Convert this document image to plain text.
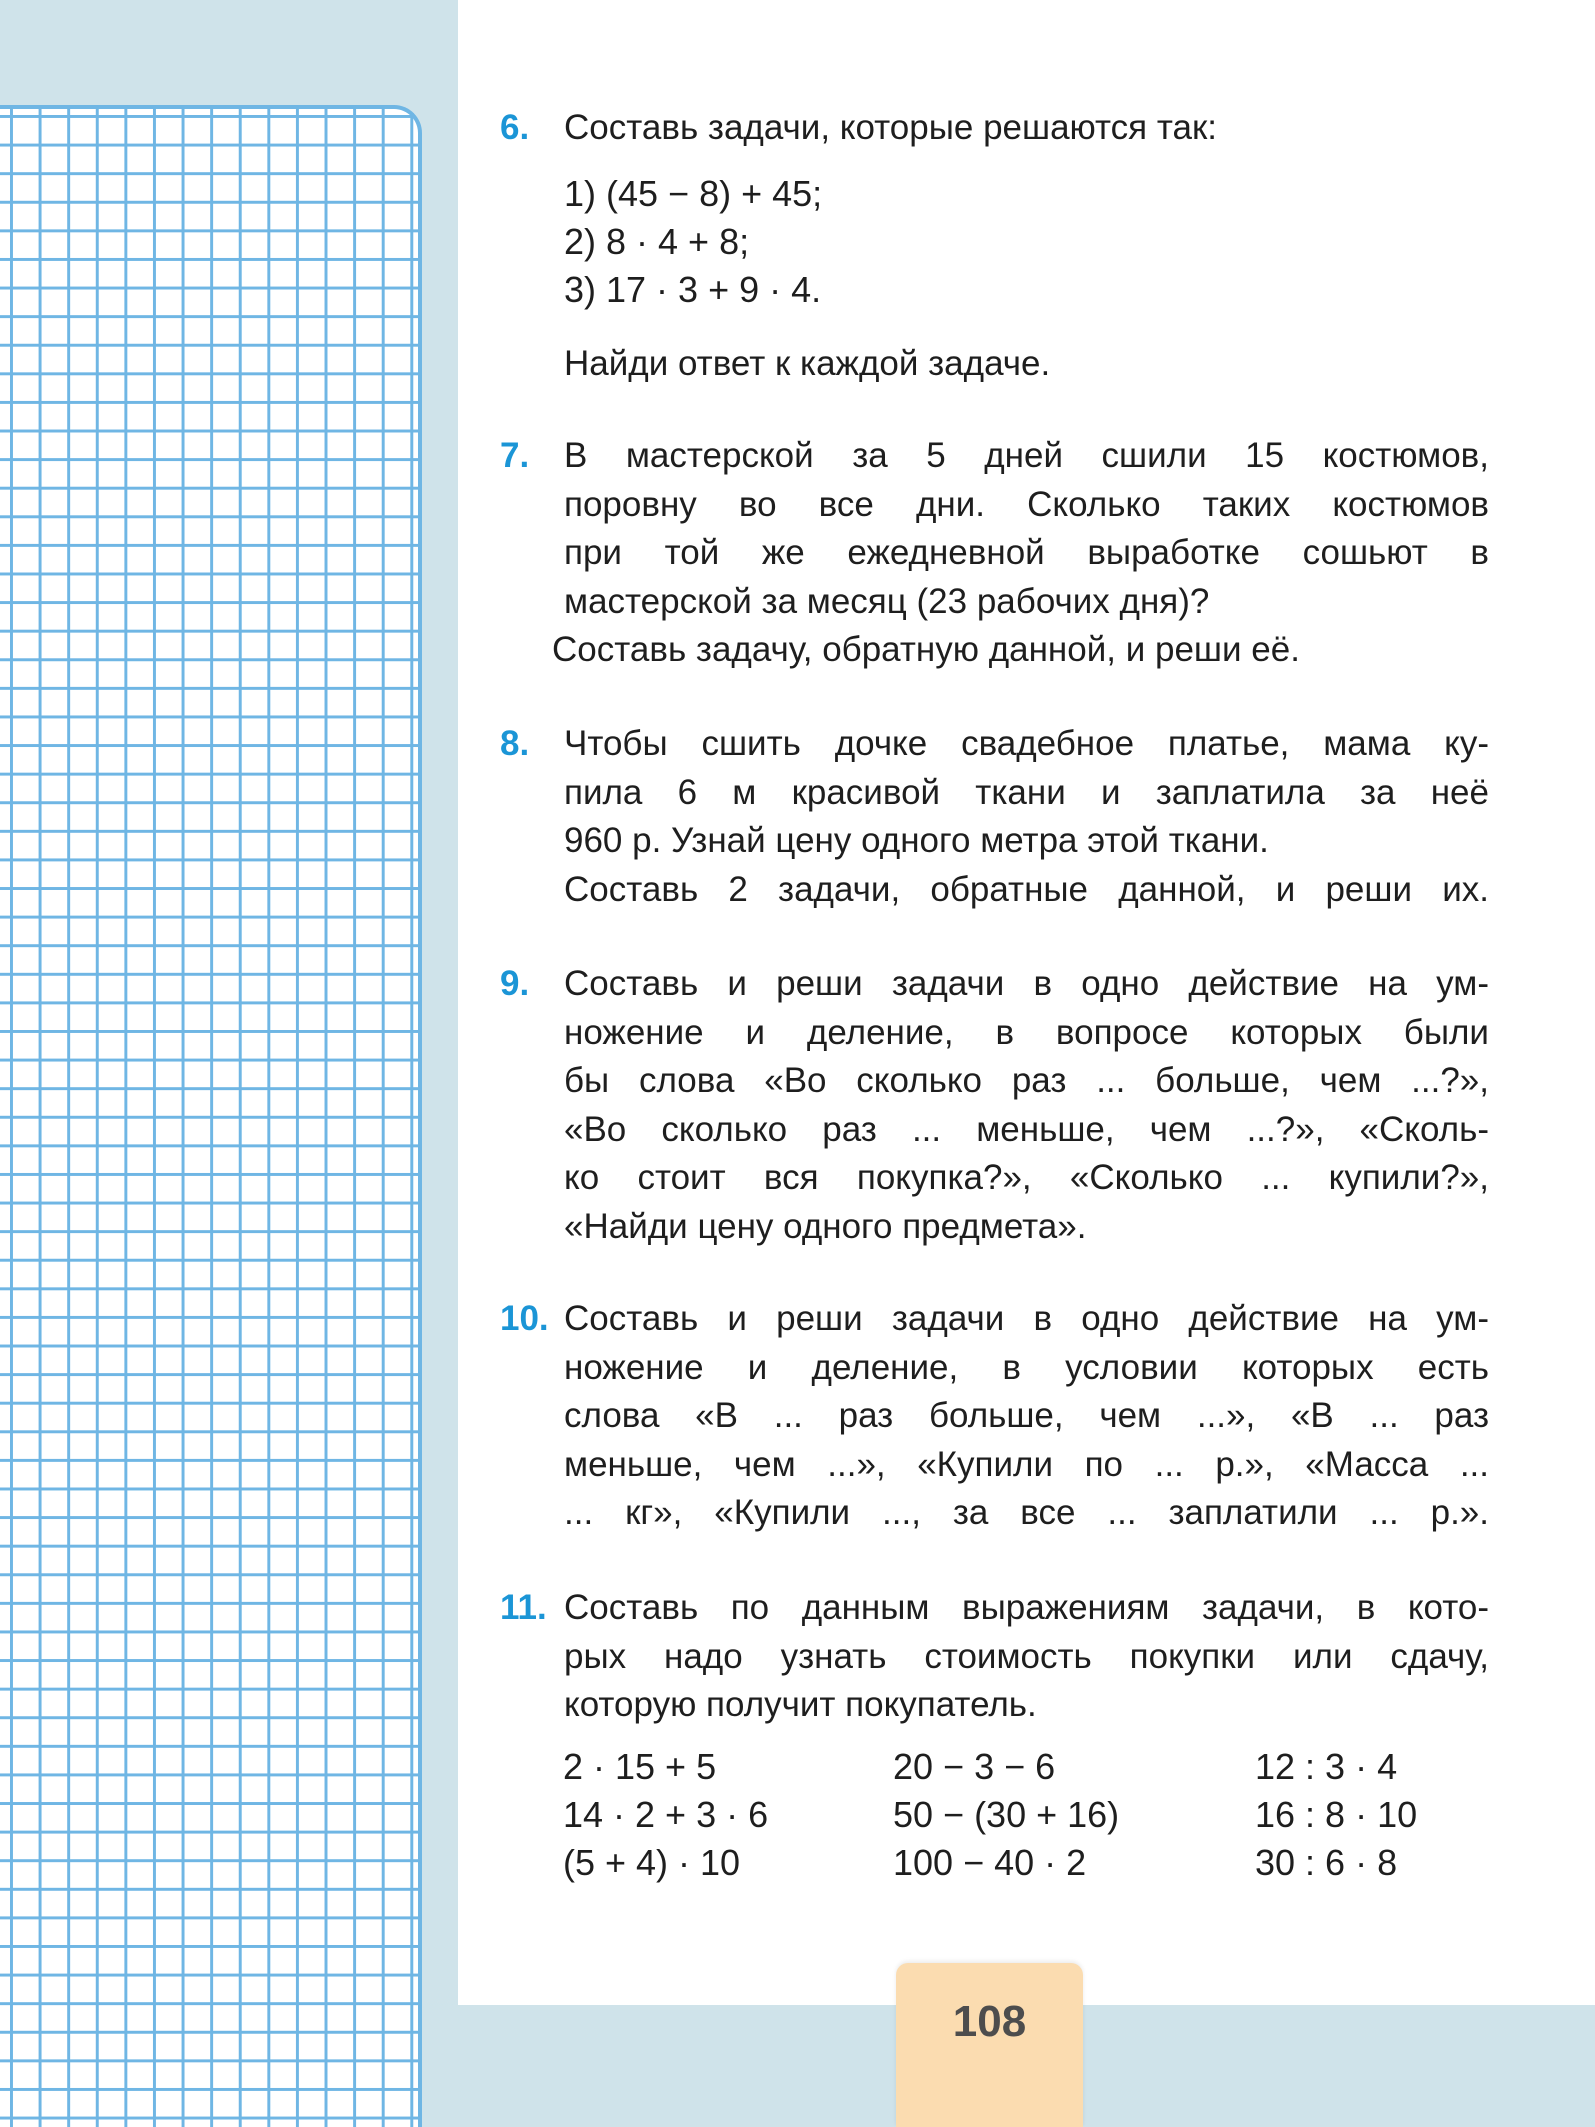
6. Составь задачи, которые решаются так:
1) (45 − 8) + 45;
2) 8 · 4 + 8;
3) 17 · 3 + 9 · 4.
Найди ответ к каждой задаче.
7. В мастерской за 5 дней сшили 15 костюмов,
поровну во все дни. Сколько таких костюмов
при той же ежедневной выработке сошьют в
мастерской за месяц (23 рабочих дня)?
Составь задачу, обратную данной, и реши её.
8. Чтобы сшить дочке свадебное платье, мама ку-
пила 6 м красивой ткани и заплатила за неё
960 р. Узнай цену одного метра этой ткани.
Составь 2 задачи, обратные данной, и реши их.
9. Составь и реши задачи в одно действие на ум-
ножение и деление, в вопросе которых были
бы слова «Во сколько раз ... больше, чем ...?»,
«Во сколько раз ... меньше, чем ...?», «Сколь-
ко стоит вся покупка?», «Сколько ... купили?»,
«Найди цену одного предмета».
10. Составь и реши задачи в одно действие на ум-
ножение и деление, в условии которых есть
слова «В ... раз больше, чем ...», «В ... раз
меньше, чем ...», «Купили по ... р.», «Масса ...
... кг», «Купили ..., за все ... заплатили ... р.».
11. Составь по данным выражениям задачи, в кото-
рых надо узнать стоимость покупки или сдачу,
которую получит покупатель.
2 · 15 + 5	20 − 3 − 6	12 : 3 · 4
14 · 2 + 3 · 6	50 − (30 + 16)	16 : 8 · 10
(5 + 4) · 10	100 − 40 · 2	30 : 6 · 8
108
